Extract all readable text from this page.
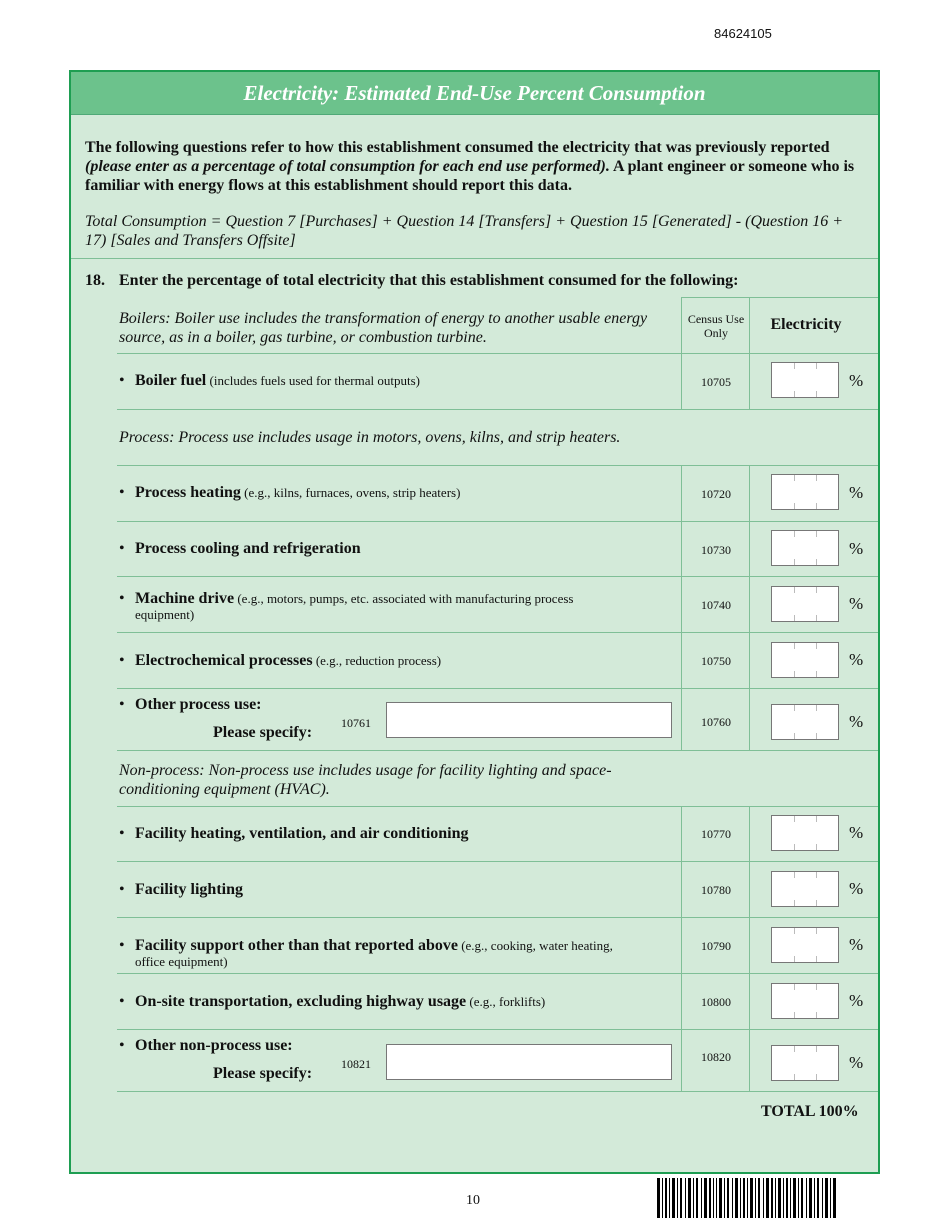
84624105
Electricity: Estimated End-Use Percent Consumption
The following questions refer to how this establishment consumed the electricity that was previously reported (please enter as a percentage of total consumption for each end use performed). A plant engineer or someone who is familiar with energy flows at this establishment should report this data.
Total Consumption = Question 7 [Purchases] + Question 14 [Transfers] + Question 15 [Generated] - (Question 16 + 17) [Sales and Transfers Offsite]
18. Enter the percentage of total electricity that this establishment consumed for the following:
Census Use Only	Electricity
Boilers: Boiler use includes the transformation of energy to another usable energy source, as in a boiler, gas turbine, or combustion turbine.
• Boiler fuel (includes fuels used for thermal outputs)	10705	%
Process: Process use includes usage in motors, ovens, kilns, and strip heaters.
• Process heating (e.g., kilns, furnaces, ovens, strip heaters)	10720	%
• Process cooling and refrigeration	10730	%
• Machine drive (e.g., motors, pumps, etc. associated with manufacturing process
equipment)
10740	%
• Electrochemical processes (e.g., reduction process)	10750	%
• Other process use:
Please specify:
10761	10760	%
Non-process: Non-process use includes usage for facility lighting and space-conditioning equipment (HVAC).
• Facility heating, ventilation, and air conditioning	10770	%
• Facility lighting	10780	%
• Facility support other than that reported above (e.g., cooking, water heating,
office equipment)
10790	%
• On-site transportation, excluding highway usage (e.g., forklifts)	10800	%
• Other non-process use:
Please specify:
10821	10820	%
TOTAL 100%
10
